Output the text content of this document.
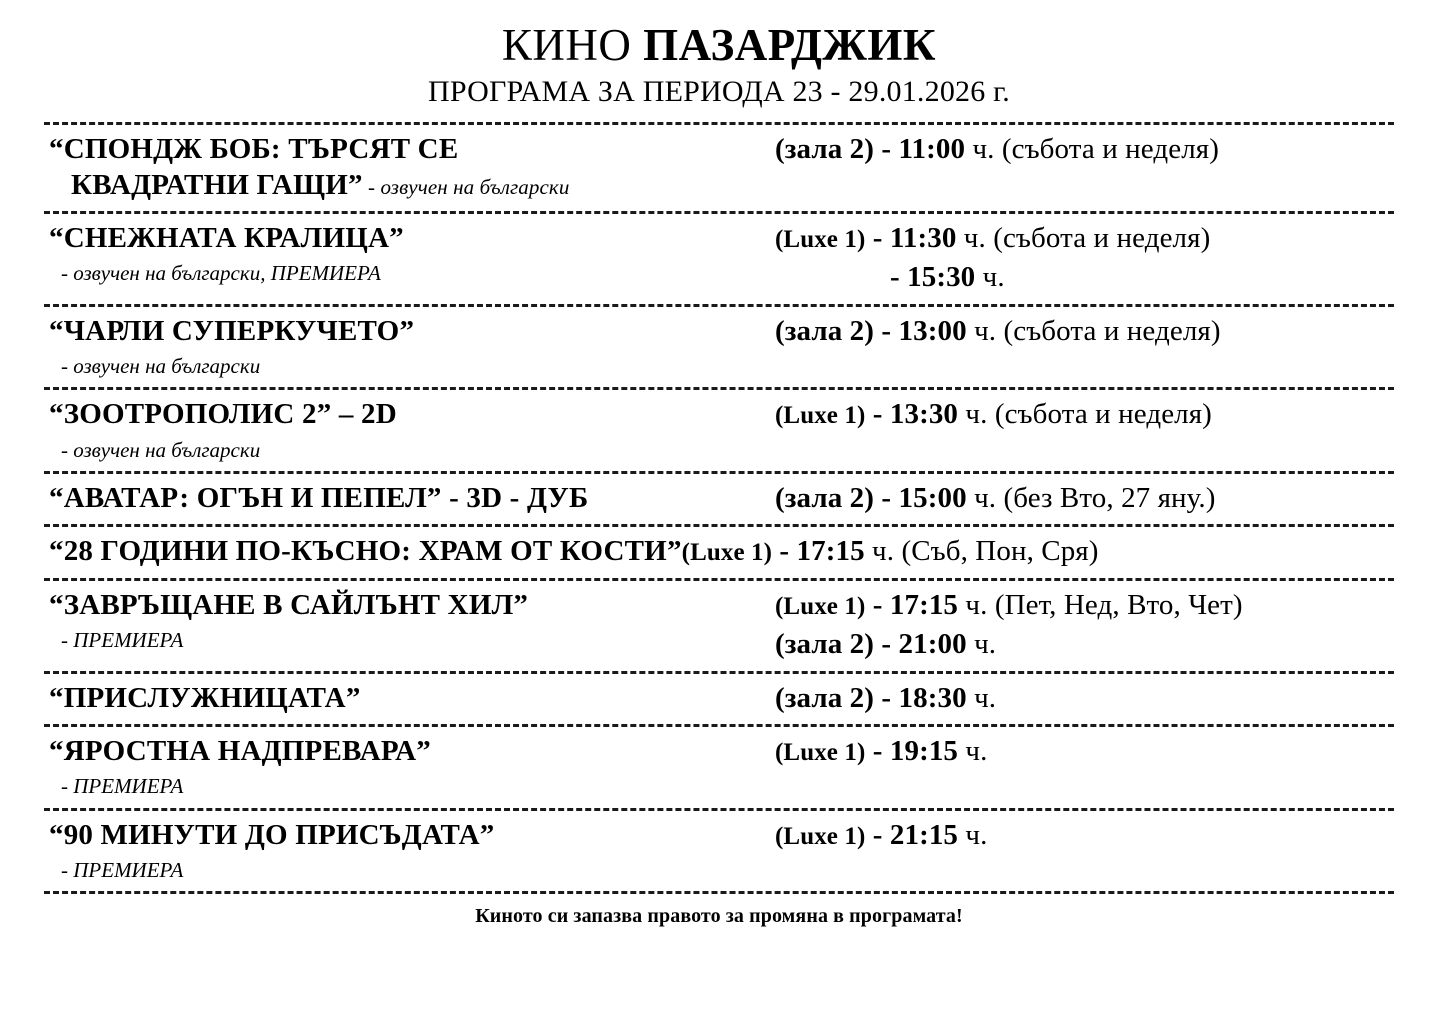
КИНО ПАЗАРДЖИК
ПРОГРАМА ЗА ПЕРИОДА 23 - 29.01.2026 г.
“СПОНДЖ БОБ: ТЪРСЯТ СЕ
КВАДРАТНИ ГАЩИ” - озвучен на български
(зала 2) - 11:00 ч. (събота и неделя)
“СНЕЖНАТА КРАЛИЦА”
- озвучен на български, ПРЕМИЕРА
(Luxe 1) - 11:30 ч. (събота и неделя)
- 15:30 ч.
“ЧАРЛИ СУПЕРКУЧЕТО”
- озвучен на български
(зала 2) - 13:00 ч. (събота и неделя)
“ЗООТРОПОЛИС 2” – 2D
- озвучен на български
(Luxe 1) - 13:30 ч. (събота и неделя)
“АВАТАР: ОГЪН И ПЕПЕЛ” - 3D - ДУБ	(зала 2) - 15:00 ч. (без Вто, 27 яну.)
“28 ГОДИНИ ПО-КЪСНО: ХРАМ ОТ КОСТИ” (Luxe 1) - 17:15 ч. (Съб, Пон, Сря)
“ЗАВРЪЩАНЕ В САЙЛЪНТ ХИЛ”
- ПРЕМИЕРА
(Luxe 1) - 17:15 ч. (Пет, Нед, Вто, Чет)
(зала 2) - 21:00 ч.
“ПРИСЛУЖНИЦАТА”	(зала 2) - 18:30 ч.
“ЯРОСТНА НАДПРЕВАРА”
- ПРЕМИЕРА
(Luxe 1) - 19:15 ч.
“90 МИНУТИ ДО ПРИСЪДАТА”
- ПРЕМИЕРА
(Luxe 1) - 21:15 ч.
Киното си запазва правото за промяна в програмата!
